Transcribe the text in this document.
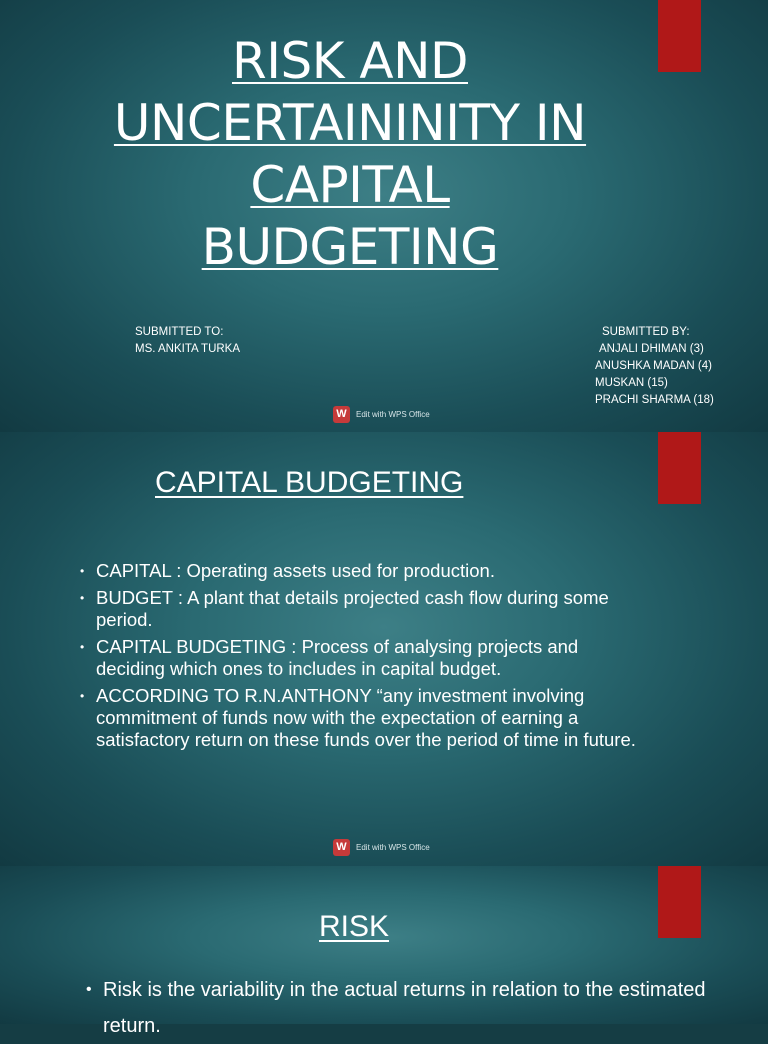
RISK AND
UNCERTAININITY IN
CAPITAL
BUDGETING
SUBMITTED TO:
MS. ANKITA TURKA
SUBMITTED BY:
ANJALI DHIMAN (3)
ANUSHKA MADAN (4)
MUSKAN (15)
PRACHI SHARMA (18)
W	Edit with WPS Office
CAPITAL BUDGETING
• CAPITAL : Operating assets used for production.
• BUDGET : A plant that details projected cash flow during some period.
• CAPITAL BUDGETING : Process of analysing projects and deciding which ones to includes in capital budget.
• ACCORDING TO R.N.ANTHONY “any investment involving commitment of funds now with the expectation of earning a satisfactory return on these funds over the period of time in future.
W	Edit with WPS Office
RISK
• Risk is the variability in the actual returns in relation to the estimated return.
